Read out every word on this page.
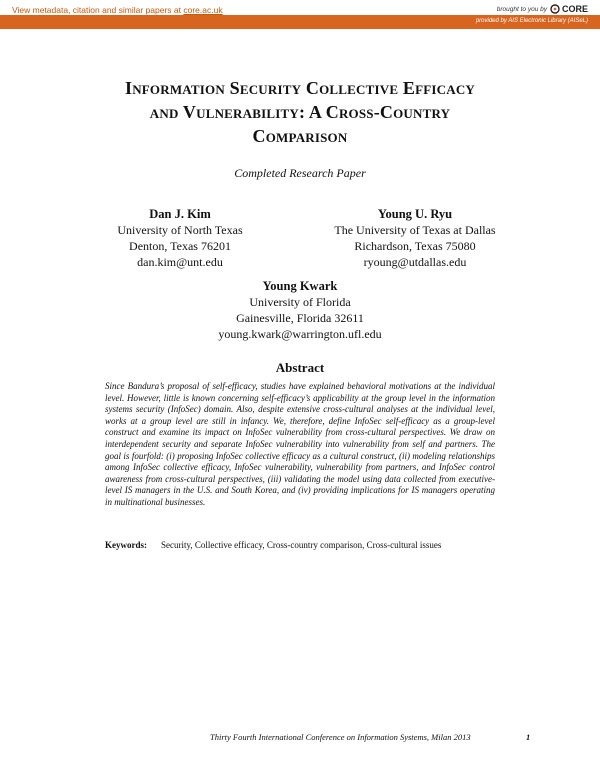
View metadata, citation and similar papers at core.ac.uk	brought to you by CORE
provided by AIS Electronic Library (AISeL)
Information Security Collective Efficacy
and Vulnerability: A Cross-Country
Comparison
Completed Research Paper
Dan J. Kim
University of North Texas
Denton, Texas 76201
dan.kim@unt.edu
Young U. Ryu
The University of Texas at Dallas
Richardson, Texas 75080
ryoung@utdallas.edu
Young Kwark
University of Florida
Gainesville, Florida 32611
young.kwark@warrington.ufl.edu
Abstract
Since Bandura’s proposal of self-efficacy, studies have explained behavioral motivations at the individual level. However, little is known concerning self-efficacy’s applicability at the group level in the information systems security (InfoSec) domain. Also, despite extensive cross-cultural analyses at the individual level, works at a group level are still in infancy. We, therefore, define InfoSec self-efficacy as a group-level construct and examine its impact on InfoSec vulnerability from cross-cultural perspectives. We draw on interdependent security and separate InfoSec vulnerability into vulnerability from self and partners. The goal is fourfold: (i) proposing InfoSec collective efficacy as a cultural construct, (ii) modeling relationships among InfoSec collective efficacy, InfoSec vulnerability, vulnerability from partners, and InfoSec control awareness from cross-cultural perspectives, (iii) validating the model using data collected from executive-level IS managers in the U.S. and South Korea, and (iv) providing implications for IS managers operating in multinational businesses.
Keywords: Security, Collective efficacy, Cross-country comparison, Cross-cultural issues
Thirty Fourth International Conference on Information Systems, Milan 2013	1
